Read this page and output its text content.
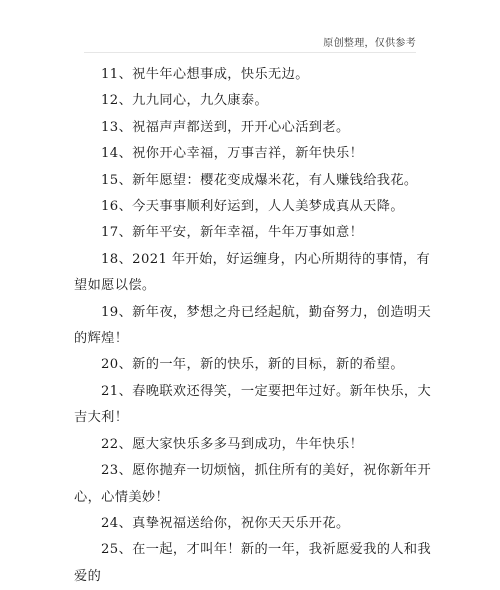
原创整理，仅供参考

11、祝牛年心想事成，快乐无边。

12、九九同心，九久康泰。

13、祝福声声都送到，开开心心活到老。

14、祝你开心幸福，万事吉祥，新年快乐！

15、新年愿望：樱花变成爆米花，有人赚钱给我花。

16、今天事事顺利好运到，人人美梦成真从天降。

17、新年平安，新年幸福，牛年万事如意！

18、2021 年开始，好运缠身，内心所期待的事情，有望如愿以偿。

19、新年夜，梦想之舟已经起航，勤奋努力，创造明天的辉煌！

20、新的一年，新的快乐，新的目标，新的希望。

21、春晚联欢还得笑，一定要把年过好。新年快乐，大吉大利！

22、愿大家快乐多多马到成功，牛年快乐！

23、愿你抛弃一切烦恼，抓住所有的美好，祝你新年开心，心情美妙！

24、真挚祝福送给你，祝你天天乐开花。

25、在一起，才叫年！新的一年，我祈愿爱我的人和我爱的
